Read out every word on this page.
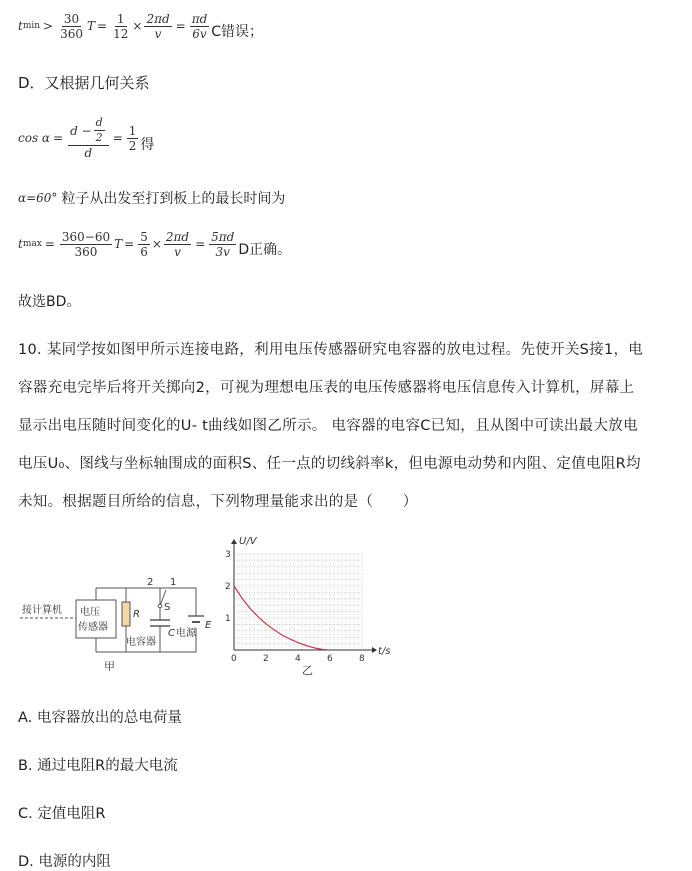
t $\min > \frac{30}{360}$ $T = \frac{1}{12} \times \frac{2\pi d}{v} = \frac{\pi d}{6v}$ C错误；
D．又根据几何关系
$\cos \alpha = \frac{d - \frac{d}{2}}{d} = \frac{1}{2}$ 得
α=60° 粒子从出发至打到板上的最长时间为
t $\max = \frac{360-60}{360}$ $T = \frac{5}{6} \times \frac{2\pi d}{v} = \frac{5\pi d}{3v}$ D正确。
故选BD。
10. 某同学按如图甲所示连接电路，利用电压传感器研究电容器的放电过程。先使开关S接1，电
容器充电完毕后将开关掷向2，可视为理想电压表的电压传感器将电压信息传入计算机，屏幕上
显示出电压随时间变化的U- t曲线如图乙所示。 电容器的电容C已知，且从图中可读出最大放电
电压U₀、图线与坐标轴围成的面积S、任一点的切线斜率k，但电源电动势和内阻、定值电阻R均
未知。根据题目所给的信息，下列物理量能求出的是（　　）
接计算机 电压
传感器
R
S
2 1
电容器
C 电源
E
甲
0	2	4	6	8
1
2
3
U/V
t/s
乙
A. 电容器放出的总电荷量
B. 通过电阻R的最大电流
C. 定值电阻R
D. 电源的内阻
